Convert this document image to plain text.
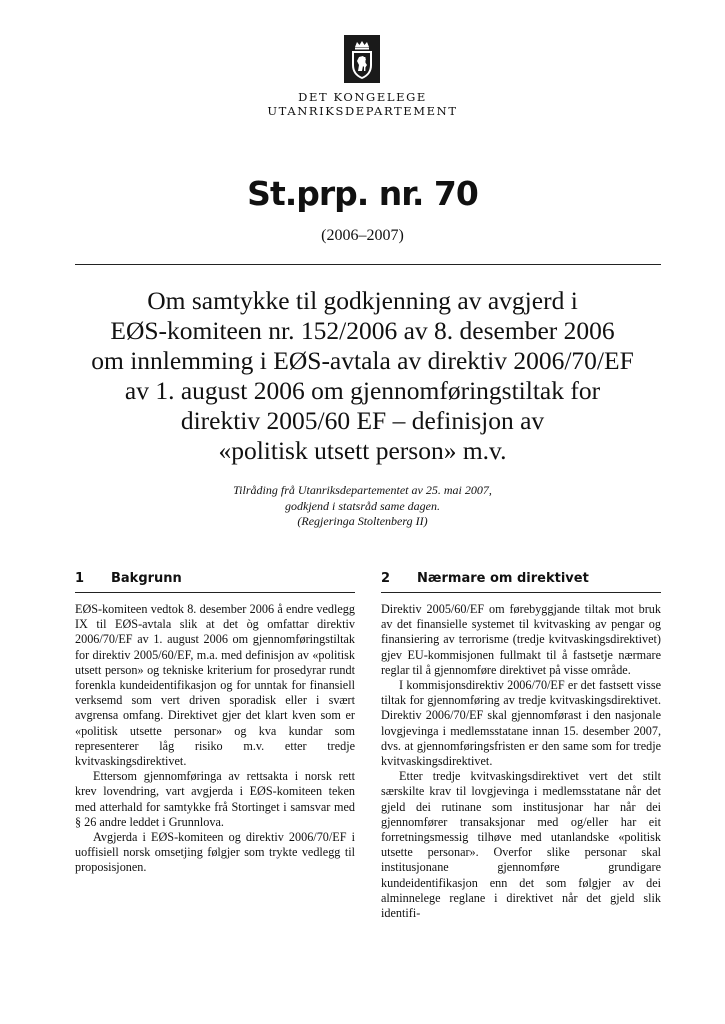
DET KONGELEGE
UTANRIKSDEPARTEMENT
St.prp. nr. 70
(2006–2007)
Om samtykke til godkjenning av avgjerd i
EØS-komiteen nr. 152/2006 av 8. desember 2006
om innlemming i EØS-avtala av direktiv 2006/70/EF
av 1. august 2006 om gjennomføringstiltak for
direktiv 2005/60 EF – definisjon av
«politisk utsett person» m.v.
Tilråding frå Utanriksdepartementet av 25. mai 2007,
godkjend i statsråd same dagen.
(Regjeringa Stoltenberg II)
1 Bakgrunn

EØS-komiteen vedtok 8. desember 2006 å endre vedlegg IX til EØS-avtala slik at det òg omfattar direktiv 2006/70/EF av 1. august 2006 om gjennomføringstiltak for direktiv 2005/60/EF, m.a. med definisjon av «politisk utsett person» og tekniske kriterium for prosedyrar rundt forenkla kundeidentifikasjon og for unntak for finansiell verksemd som vert driven sporadisk eller i svært avgrensa omfang. Direktivet gjer det klart kven som er «politisk utsette personar» og kva kundar som representerer låg risiko m.v. etter tredje kvitvaskingsdirektivet.

Ettersom gjennomføringa av rettsakta i norsk rett krev lovendring, vart avgjerda i EØS-komiteen teken med atterhald for samtykke frå Stortinget i samsvar med § 26 andre leddet i Grunnlova.

Avgjerda i EØS-komiteen og direktiv 2006/70/EF i uoffisiell norsk omsetjing følgjer som trykte vedlegg til proposisjonen.

2 Nærmare om direktivet

Direktiv 2005/60/EF om førebyggjande tiltak mot bruk av det finansielle systemet til kvitvasking av pengar og finansiering av terrorisme (tredje kvitvaskingsdirektivet) gjev EU-kommisjonen fullmakt til å fastsetje nærmare reglar til å gjennomføre direktivet på visse område.

I kommisjonsdirektiv 2006/70/EF er det fastsett visse tiltak for gjennomføring av tredje kvitvaskingsdirektivet. Direktiv 2006/70/EF skal gjennomførast i den nasjonale lovgjevinga i medlemsstatane innan 15. desember 2007, dvs. at gjennomføringsfristen er den same som for tredje kvitvaskingsdirektivet.

Etter tredje kvitvaskingsdirektivet vert det stilt særskilte krav til lovgjevinga i medlemsstatane når det gjeld dei rutinane som institusjonar har når dei gjennomfører transaksjonar med og/eller har eit forretningsmessig tilhøve med utanlandske «politisk utsette personar». Overfor slike personar skal institusjonane gjennomføre grundigare kundeidentifikasjon enn det som følgjer av dei alminnelege reglane i direktivet når det gjeld slik identifi-
